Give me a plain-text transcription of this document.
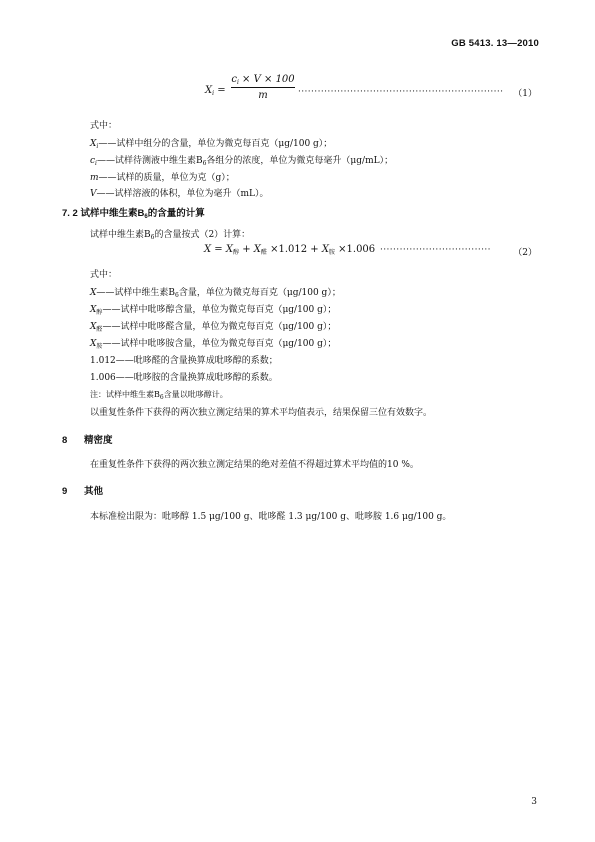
GB 5413. 13—2010
$X_i$ =
$c_i \times V \times 100$
m	······························································· （1）
式中：
$X_i——$试样中组分的含量，单位为微克每百克（μg/100 g）；
$c_i——$试样待测液中维生素$B_6$各组分的浓度，单位为微克每毫升（μg/mL）；
m——试样的质量，单位为克（g）；
V——试样溶液的体积，单位为毫升（mL）。
7. 2 试样中维生素$B_6$的含量的计算
试样中维生素$B_6$的含量按式（2）计算：
$X = X_醇 + X_醛 \times 1.012 + X_胺 \times 1.006$ ·································· （2）
式中：
X——试样中维生素$B_6$含量，单位为微克每百克（μg/100 g）；
$X_醇——$试样中吡哆醇含量，单位为微克每百克（μg/100 g）；
$X_醛——$试样中吡哆醛含量，单位为微克每百克（μg/100 g）；
$X_胺——$试样中吡哆胺含量，单位为微克每百克（μg/100 g）；
1.012——吡哆醛的含量换算成吡哆醇的系数；
1.006——吡哆胺的含量换算成吡哆醇的系数。
注：试样中维生素$B_6$含量以吡哆醇计。
以重复性条件下获得的两次独立测定结果的算术平均值表示，结果保留三位有效数字。
8 精密度
在重复性条件下获得的两次独立测定结果的绝对差值不得超过算术平均值的10 %。
9 其他
本标准检出限为：吡哆醇 1.5 μg/100 g、吡哆醛 1.3 μg/100 g、吡哆胺 1.6 μg/100 g。
3
